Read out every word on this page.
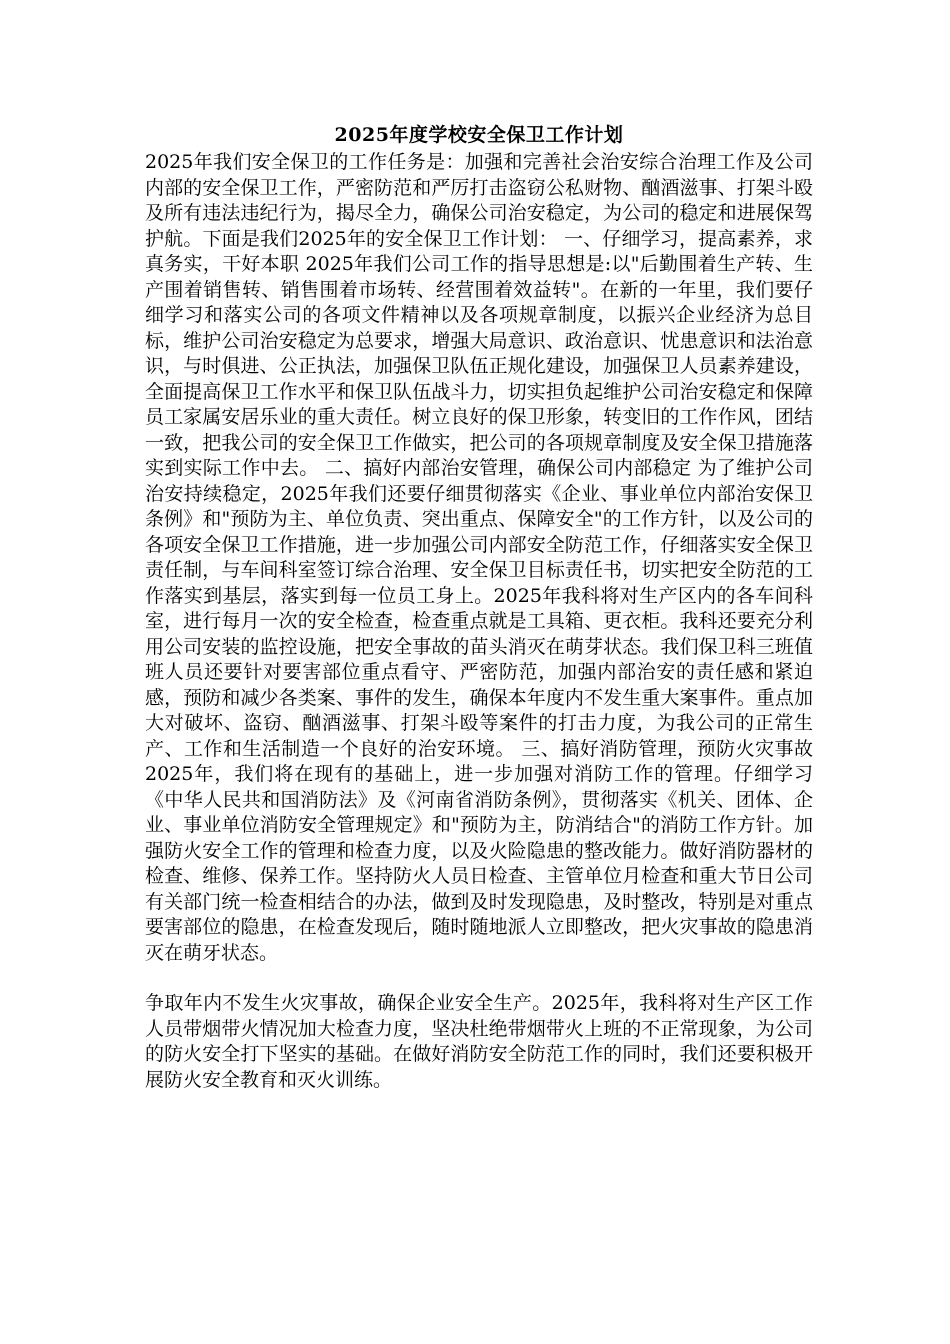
2025年度学校安全保卫工作计划

2025年我们安全保卫的工作任务是：加强和完善社会治安综合治理工作及公司内部的安全保卫工作，严密防范和严厉打击盗窃公私财物、酗酒滋事、打架斗殴及所有违法违纪行为，揭尽全力，确保公司治安稳定，为公司的稳定和进展保驾护航。下面是我们2025年的安全保卫工作计划： 一、仔细学习，提高素养，求真务实，干好本职 2025年我们公司工作的指导思想是:以"后勤围着生产转、生产围着销售转、销售围着市场转、经营围着效益转"。在新的一年里，我们要仔细学习和落实公司的各项文件精神以及各项规章制度，以振兴企业经济为总目标，维护公司治安稳定为总要求，增强大局意识、政治意识、忧患意识和法治意识，与时俱进、公正执法，加强保卫队伍正规化建设，加强保卫人员素养建设，全面提高保卫工作水平和保卫队伍战斗力，切实担负起维护公司治安稳定和保障员工家属安居乐业的重大责任。树立良好的保卫形象，转变旧的工作作风，团结一致，把我公司的安全保卫工作做实，把公司的各项规章制度及安全保卫措施落实到实际工作中去。 二、搞好内部治安管理，确保公司内部稳定 为了维护公司治安持续稳定，2025年我们还要仔细贯彻落实《企业、事业单位内部治安保卫条例》和"预防为主、单位负责、突出重点、保障安全"的工作方针，以及公司的各项安全保卫工作措施，进一步加强公司内部安全防范工作，仔细落实安全保卫责任制，与车间科室签订综合治理、安全保卫目标责任书，切实把安全防范的工作落实到基层，落实到每一位员工身上。2025年我科将对生产区内的各车间科室，进行每月一次的安全检查，检查重点就是工具箱、更衣柜。我科还要充分利用公司安装的监控设施，把安全事故的苗头消灭在萌芽状态。我们保卫科三班值班人员还要针对要害部位重点看守、严密防范，加强内部治安的责任感和紧迫感，预防和减少各类案、事件的发生，确保本年度内不发生重大案事件。重点加大对破坏、盗窃、酗酒滋事、打架斗殴等案件的打击力度，为我公司的正常生产、工作和生活制造一个良好的治安环境。 三、搞好消防管理，预防火灾事故 2025年，我们将在现有的基础上，进一步加强对消防工作的管理。仔细学习《中华人民共和国消防法》及《河南省消防条例》，贯彻落实《机关、团体、企业、事业单位消防安全管理规定》和"预防为主，防消结合"的消防工作方针。加强防火安全工作的管理和检查力度，以及火险隐患的整改能力。做好消防器材的检查、维修、保养工作。坚持防火人员日检查、主管单位月检查和重大节日公司有关部门统一检查相结合的办法，做到及时发现隐患，及时整改，特别是对重点要害部位的隐患，在检查发现后，随时随地派人立即整改，把火灾事故的隐患消灭在萌牙状态。

争取年内不发生火灾事故，确保企业安全生产。2025年，我科将对生产区工作人员带烟带火情况加大检查力度，坚决杜绝带烟带火上班的不正常现象，为公司的防火安全打下坚实的基础。在做好消防安全防范工作的同时，我们还要积极开展防火安全教育和灭火训练。
